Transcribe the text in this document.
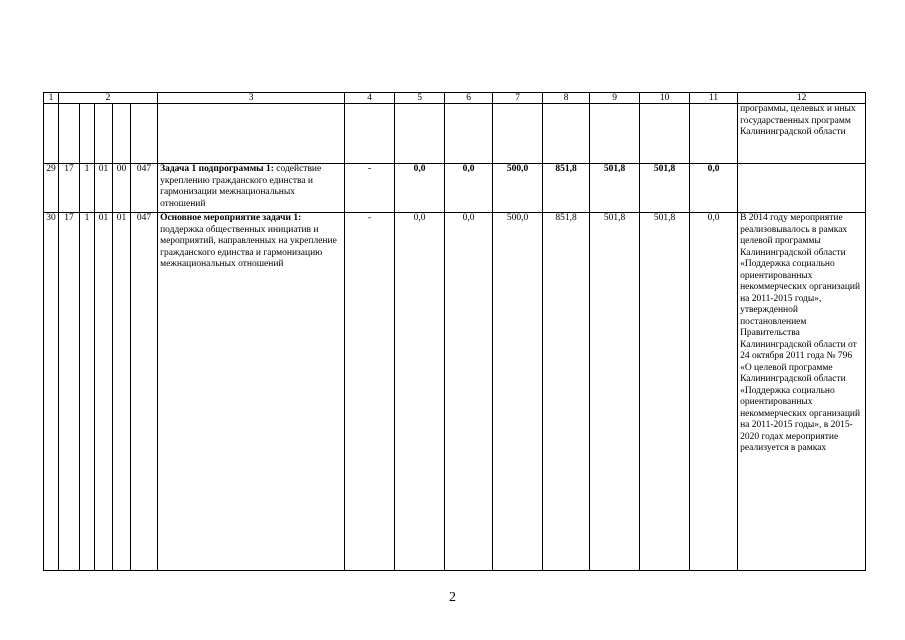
1	2					3	4	5	6	7	8	9	10	11	12
															программы, целевых и иных государственных программ Калининградской области
29	17	1	01	00	047	Задача 1 подпрограммы 1: содействие укреплению гражданского единства и гармонизации межнациональных отношений	-	0,0	0,0	500,0	851,8	501,8	501,8	0,0	
30	17	1	01	01	047	Основное мероприятие задачи 1: поддержка общественных инициатив и мероприятий, направленных на укрепление гражданского единства и гармонизацию межнациональных отношений	-	0,0	0,0	500,0	851,8	501,8	501,8	0,0	В 2014 году мероприятие реализовывалось в рамках целевой программы Калининградской области «Поддержка социально ориентированных некоммерческих организаций на 2011-2015 годы», утвержденной постановлением Правительства Калининградской области от 24 октября 2011 года № 796 «О целевой программе Калининградской области «Поддержка социально ориентированных некоммерческих организаций на 2011-2015 годы», в 2015-2020 годах мероприятие реализуется в рамках
2
